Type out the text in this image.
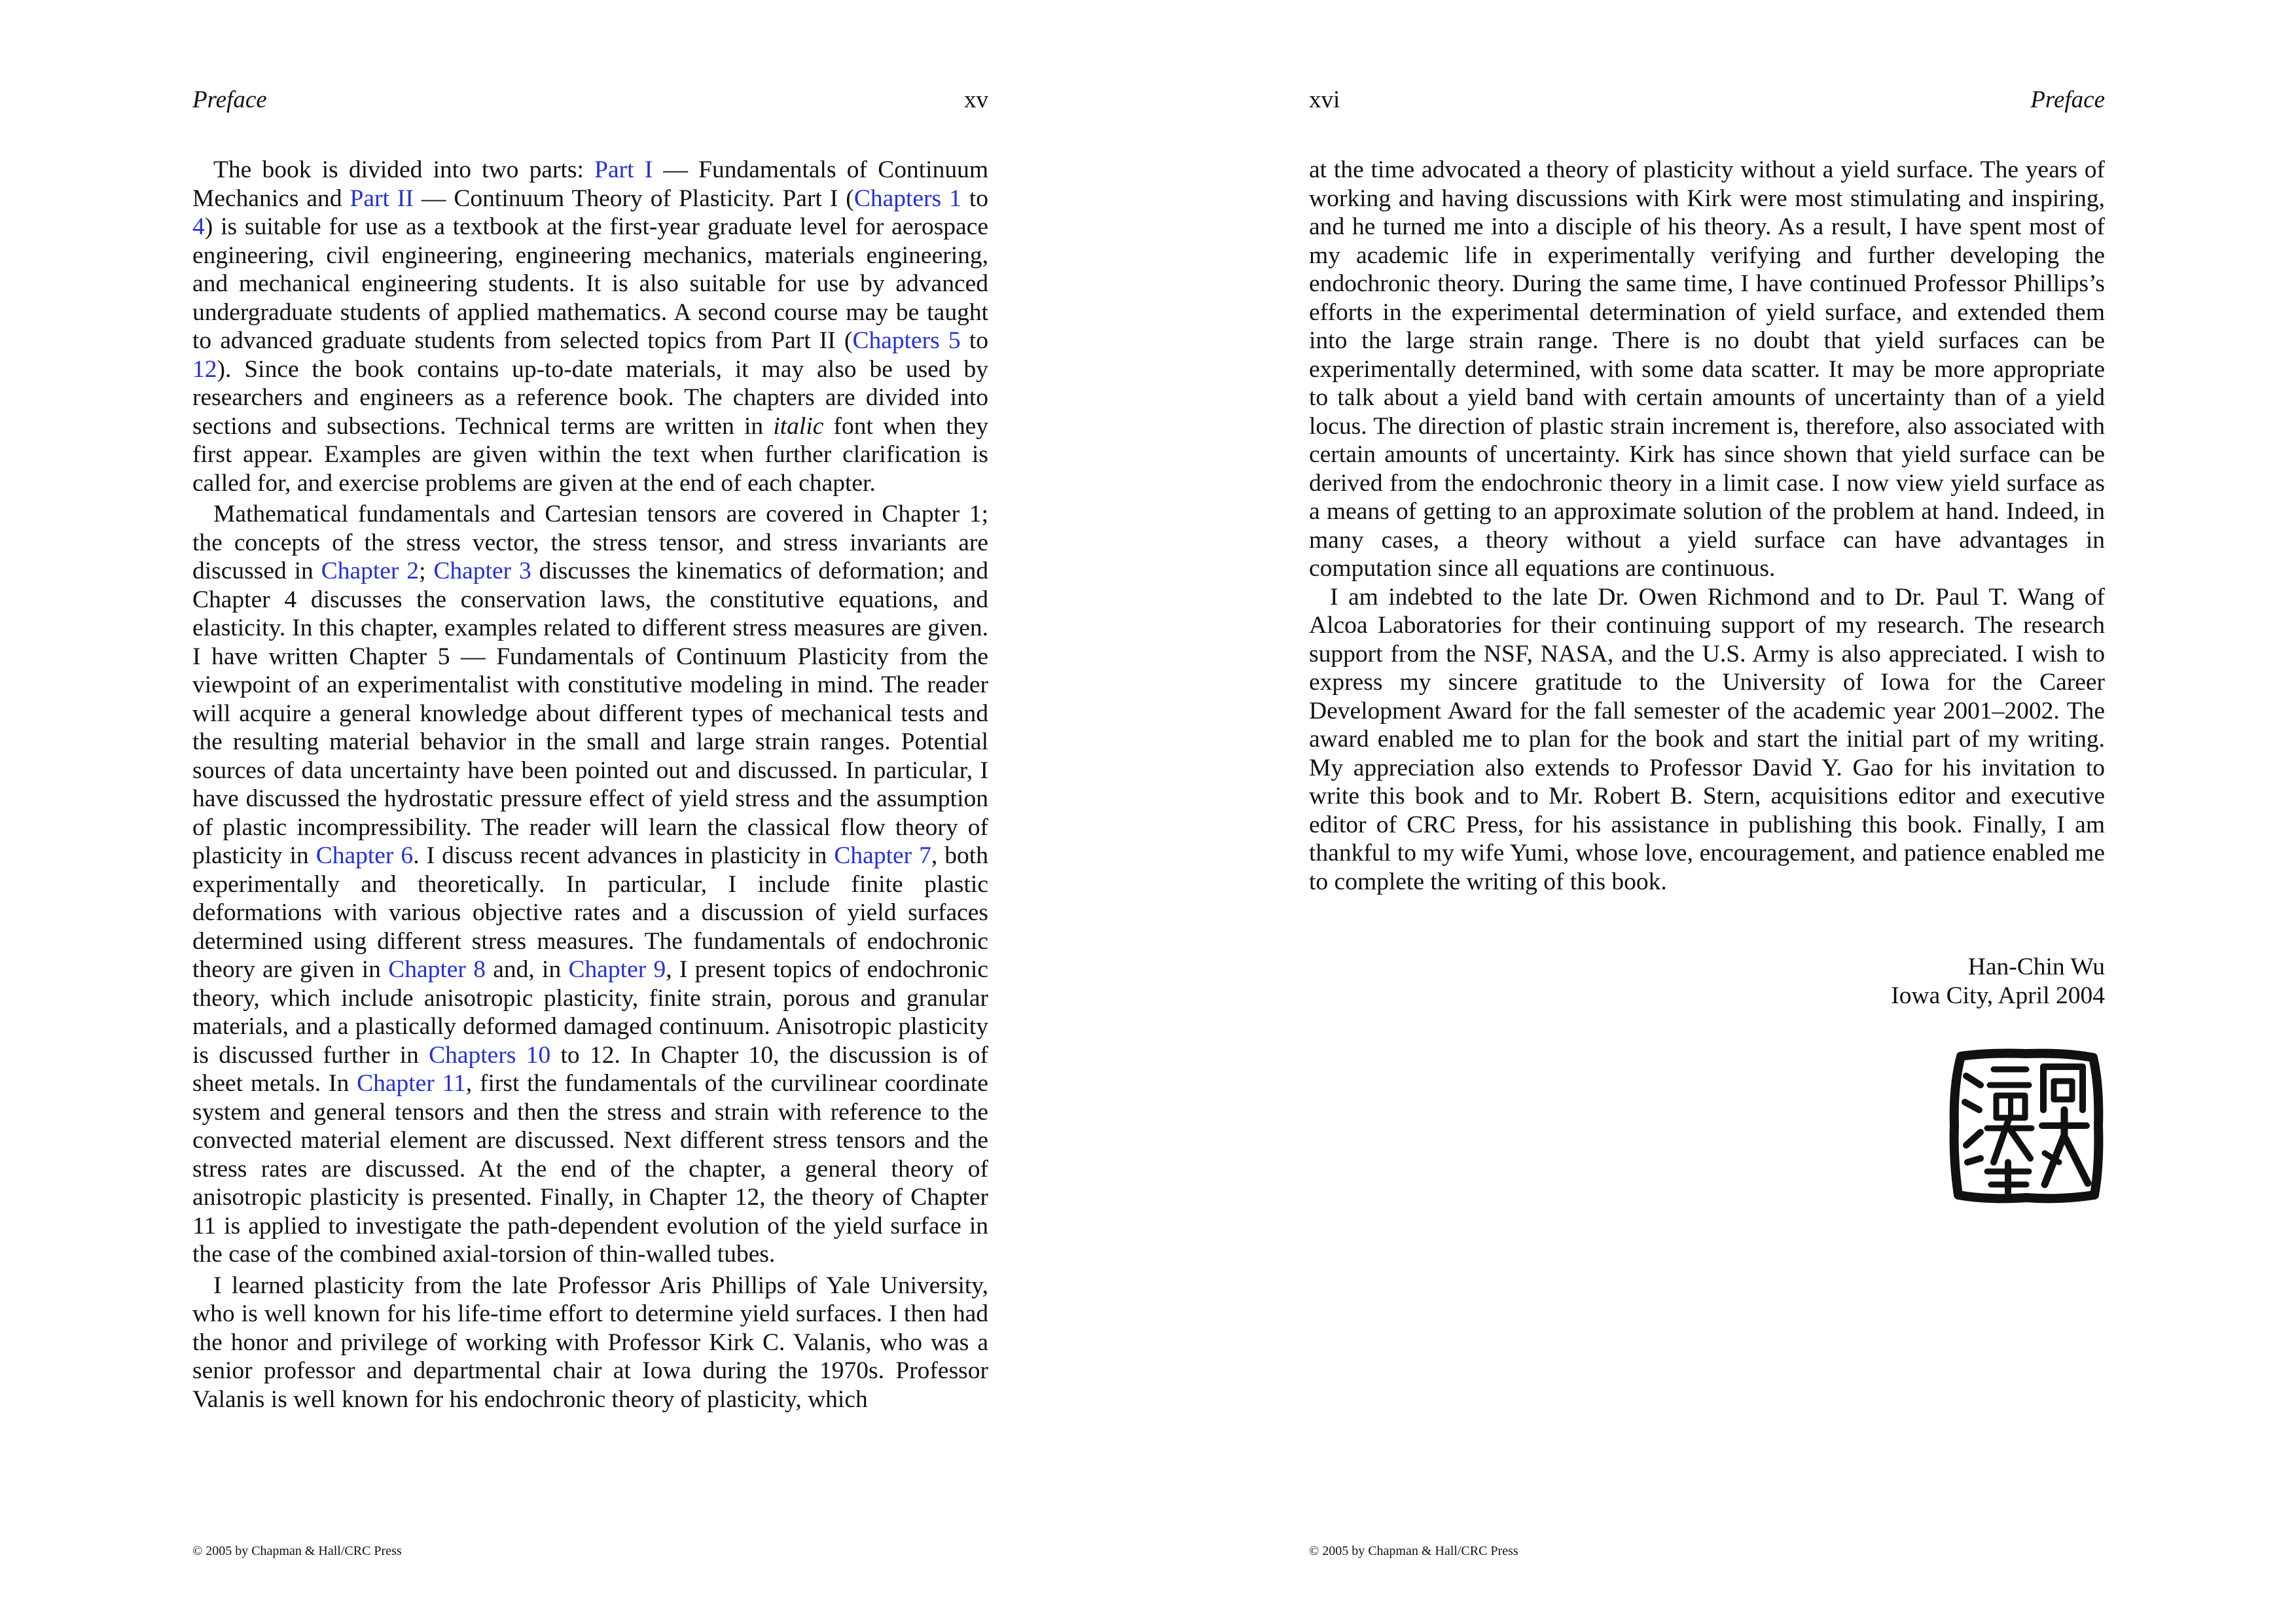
Preface	xv

The book is divided into two parts: Part I — Fundamentals of Continuum Mechanics and Part II — Continuum Theory of Plasticity. Part I (Chapters 1 to 4) is suitable for use as a textbook at the first-year graduate level for aerospace engineering, civil engineering, engineering mechanics, materials engineering, and mechanical engineering students. It is also suitable for use by advanced undergraduate students of applied mathematics. A second course may be taught to advanced graduate students from selected topics from Part II (Chapters 5 to 12). Since the book contains up-to-date materials, it may also be used by researchers and engineers as a reference book. The chapters are divided into sections and subsections. Technical terms are written in italic font when they first appear. Examples are given within the text when further clarification is called for, and exercise problems are given at the end of each chapter.

Mathematical fundamentals and Cartesian tensors are covered in Chapter 1; the concepts of the stress vector, the stress tensor, and stress invariants are discussed in Chapter 2; Chapter 3 discusses the kinematics of deformation; and Chapter 4 discusses the conservation laws, the constitutive equations, and elasticity. In this chapter, examples related to different stress measures are given. I have written Chapter 5 — Fundamentals of Continuum Plasticity from the viewpoint of an experimentalist with constitutive modeling in mind. The reader will acquire a general knowledge about different types of mechanical tests and the resulting material behavior in the small and large strain ranges. Potential sources of data uncertainty have been pointed out and discussed. In particular, I have discussed the hydrostatic pressure effect of yield stress and the assumption of plastic incompressibility. The reader will learn the classical flow theory of plasticity in Chapter 6. I discuss recent advances in plasticity in Chapter 7, both experimentally and theoretically. In particular, I include finite plastic deformations with various objective rates and a discussion of yield surfaces determined using different stress measures. The fundamentals of endochronic theory are given in Chapter 8 and, in Chapter 9, I present topics of endochronic theory, which include anisotropic plasticity, finite strain, porous and granular materials, and a plastically deformed damaged continuum. Anisotropic plasticity is discussed further in Chapters 10 to 12. In Chapter 10, the discussion is of sheet metals. In Chapter 11, first the fundamentals of the curvilinear coordinate system and general tensors and then the stress and strain with reference to the convected material element are discussed. Next different stress tensors and the stress rates are discussed. At the end of the chapter, a general theory of anisotropic plasticity is presented. Finally, in Chapter 12, the theory of Chapter 11 is applied to investigate the path-dependent evolution of the yield surface in the case of the combined axial-torsion of thin-walled tubes.

I learned plasticity from the late Professor Aris Phillips of Yale University, who is well known for his life-time effort to determine yield surfaces. I then had the honor and privilege of working with Professor Kirk C. Valanis, who was a senior professor and departmental chair at Iowa during the 1970s. Professor Valanis is well known for his endochronic theory of plasticity, which

© 2005 by Chapman & Hall/CRC Press
xvi	Preface

at the time advocated a theory of plasticity without a yield surface. The years of working and having discussions with Kirk were most stimulating and inspiring, and he turned me into a disciple of his theory. As a result, I have spent most of my academic life in experimentally verifying and further developing the endochronic theory. During the same time, I have continued Professor Phillips’s efforts in the experimental determination of yield surface, and extended them into the large strain range. There is no doubt that yield surfaces can be experimentally determined, with some data scatter. It may be more appropriate to talk about a yield band with certain amounts of uncertainty than of a yield locus. The direction of plastic strain increment is, therefore, also associated with certain amounts of uncertainty. Kirk has since shown that yield surface can be derived from the endochronic theory in a limit case. I now view yield surface as a means of getting to an approximate solution of the problem at hand. Indeed, in many cases, a theory without a yield surface can have advantages in computation since all equations are continuous.

I am indebted to the late Dr. Owen Richmond and to Dr. Paul T. Wang of Alcoa Laboratories for their continuing support of my research. The research support from the NSF, NASA, and the U.S. Army is also appreciated. I wish to express my sincere gratitude to the University of Iowa for the Career Development Award for the fall semester of the academic year 2001–2002. The award enabled me to plan for the book and start the initial part of my writing. My appreciation also extends to Professor David Y. Gao for his invitation to write this book and to Mr. Robert B. Stern, acquisitions editor and executive editor of CRC Press, for his assistance in publishing this book. Finally, I am thankful to my wife Yumi, whose love, encouragement, and patience enabled me to complete the writing of this book.

Han-Chin Wu
Iowa City, April 2004
© 2005 by Chapman & Hall/CRC Press
